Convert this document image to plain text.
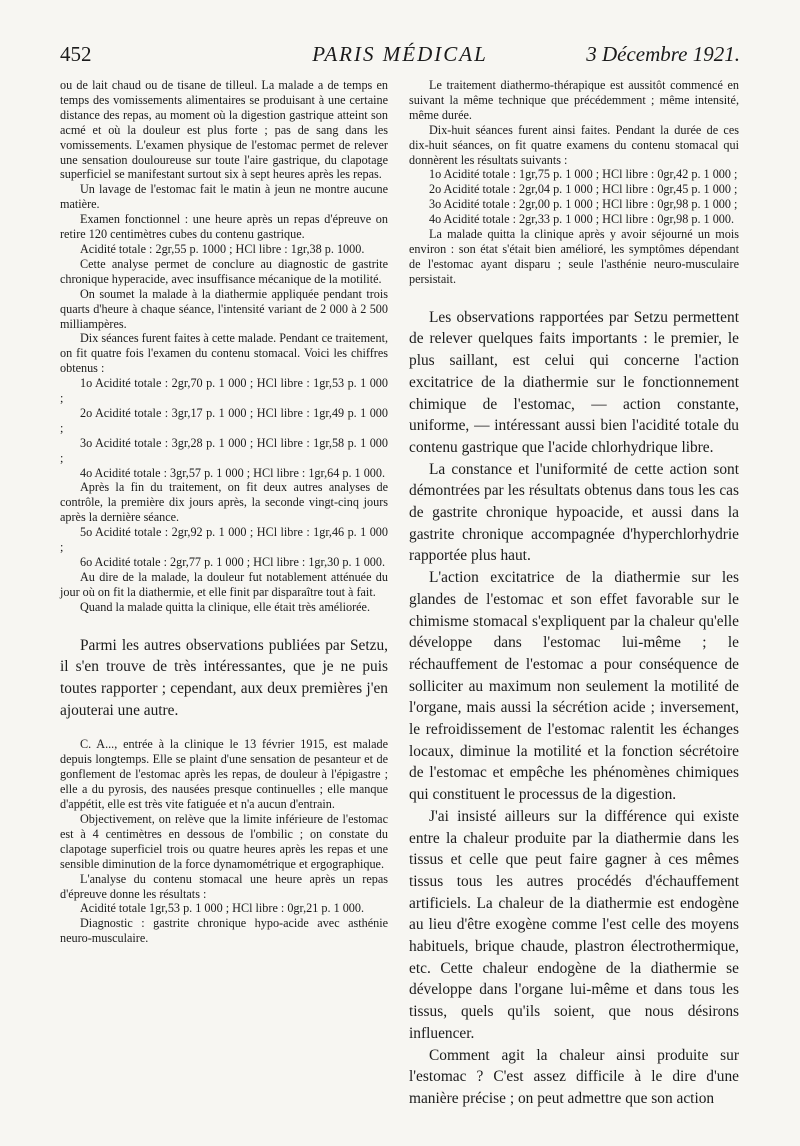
452	PARIS MÉDICAL	3 Décembre 1921.

ou de lait chaud ou de tisane de tilleul. La malade a de temps en temps des vomissements alimentaires se produisant à une certaine distance des repas, au moment où la digestion gastrique atteint son acmé et où la douleur est plus forte ; pas de sang dans les vomissements. L'examen physique de l'estomac permet de relever une sensation douloureuse sur toute l'aire gastrique, du clapotage superficiel se manifestant surtout six à sept heures après les repas.

Un lavage de l'estomac fait le matin à jeun ne montre aucune matière.

Examen fonctionnel : une heure après un repas d'épreuve on retire 120 centimètres cubes du contenu gastrique.

Acidité totale : 2gr,55 p. 1000 ; HCl libre : 1gr,38 p. 1000.

Cette analyse permet de conclure au diagnostic de gastrite chronique hyperacide, avec insuffisance mécanique de la motilité.

On soumet la malade à la diathermie appliquée pendant trois quarts d'heure à chaque séance, l'intensité variant de 2 000 à 2 500 milliampères.

Dix séances furent faites à cette malade. Pendant ce traitement, on fit quatre fois l'examen du contenu stomacal. Voici les chiffres obtenus :

1o Acidité totale : 2gr,70 p. 1 000 ; HCl libre : 1gr,53 p. 1 000 ;

2o Acidité totale : 3gr,17 p. 1 000 ; HCl libre : 1gr,49 p. 1 000 ;

3o Acidité totale : 3gr,28 p. 1 000 ; HCl libre : 1gr,58 p. 1 000 ;

4o Acidité totale : 3gr,57 p. 1 000 ; HCl libre : 1gr,64 p. 1 000.

Après la fin du traitement, on fit deux autres analyses de contrôle, la première dix jours après, la seconde vingt-cinq jours après la dernière séance.

5o Acidité totale : 2gr,92 p. 1 000 ; HCl libre : 1gr,46 p. 1 000 ;

6o Acidité totale : 2gr,77 p. 1 000 ; HCl libre : 1gr,30 p. 1 000.

Au dire de la malade, la douleur fut notablement atténuée du jour où on fit la diathermie, et elle finit par disparaître tout à fait.

Quand la malade quitta la clinique, elle était très améliorée.

Parmi les autres observations publiées par Setzu, il s'en trouve de très intéressantes, que je ne puis toutes rapporter ; cependant, aux deux premières j'en ajouterai une autre.

C. A..., entrée à la clinique le 13 février 1915, est malade depuis longtemps. Elle se plaint d'une sensation de pesanteur et de gonflement de l'estomac après les repas, de douleur à l'épigastre ; elle a du pyrosis, des nausées presque continuelles ; elle manque d'appétit, elle est très vite fatiguée et n'a aucun d'entrain.

Objectivement, on relève que la limite inférieure de l'estomac est à 4 centimètres en dessous de l'ombilic ; on constate du clapotage superficiel trois ou quatre heures après les repas et une sensible diminution de la force dynamométrique et ergographique.

L'analyse du contenu stomacal une heure après un repas d'épreuve donne les résultats :

Acidité totale 1gr,53 p. 1 000 ; HCl libre : 0gr,21 p. 1 000.

Diagnostic : gastrite chronique hypo-acide avec asthénie neuro-musculaire.

Le traitement diathermo-thérapique est aussitôt commencé en suivant la même technique que précédemment ; même intensité, même durée.

Dix-huit séances furent ainsi faites. Pendant la durée de ces dix-huit séances, on fit quatre examens du contenu stomacal qui donnèrent les résultats suivants :

1o Acidité totale : 1gr,75 p. 1 000 ; HCl libre : 0gr,42 p. 1 000 ;

2o Acidité totale : 2gr,04 p. 1 000 ; HCl libre : 0gr,45 p. 1 000 ;

3o Acidité totale : 2gr,00 p. 1 000 ; HCl libre : 0gr,98 p. 1 000 ;

4o Acidité totale : 2gr,33 p. 1 000 ; HCl libre : 0gr,98 p. 1 000.

La malade quitta la clinique après y avoir séjourné un mois environ : son état s'était bien amélioré, les symptômes dépendant de l'estomac ayant disparu ; seule l'asthénie neuro-musculaire persistait.

Les observations rapportées par Setzu permettent de relever quelques faits importants : le premier, le plus saillant, est celui qui concerne l'action excitatrice de la diathermie sur le fonctionnement chimique de l'estomac, — action constante, uniforme, — intéressant aussi bien l'acidité totale du contenu gastrique que l'acide chlorhydrique libre.

La constance et l'uniformité de cette action sont démontrées par les résultats obtenus dans tous les cas de gastrite chronique hypoacide, et aussi dans la gastrite chronique accompagnée d'hyperchlorhydrie rapportée plus haut.

L'action excitatrice de la diathermie sur les glandes de l'estomac et son effet favorable sur le chimisme stomacal s'expliquent par la chaleur qu'elle développe dans l'estomac lui-même ; le réchauffement de l'estomac a pour conséquence de solliciter au maximum non seulement la motilité de l'organe, mais aussi la sécrétion acide ; inversement, le refroidissement de l'estomac ralentit les échanges locaux, diminue la motilité et la fonction sécrétoire de l'estomac et empêche les phénomènes chimiques qui constituent le processus de la digestion.

J'ai insisté ailleurs sur la différence qui existe entre la chaleur produite par la diathermie dans les tissus et celle que peut faire gagner à ces mêmes tissus tous les autres procédés d'échauffement artificiels. La chaleur de la diathermie est endogène au lieu d'être exogène comme l'est celle des moyens habituels, brique chaude, plastron électrothermique, etc. Cette chaleur endogène de la diathermie se développe dans l'organe lui-même et dans tous les tissus, quels qu'ils soient, que nous désirons influencer.

Comment agit la chaleur ainsi produite sur l'estomac ? C'est assez difficile à le dire d'une manière précise ; on peut admettre que son action
